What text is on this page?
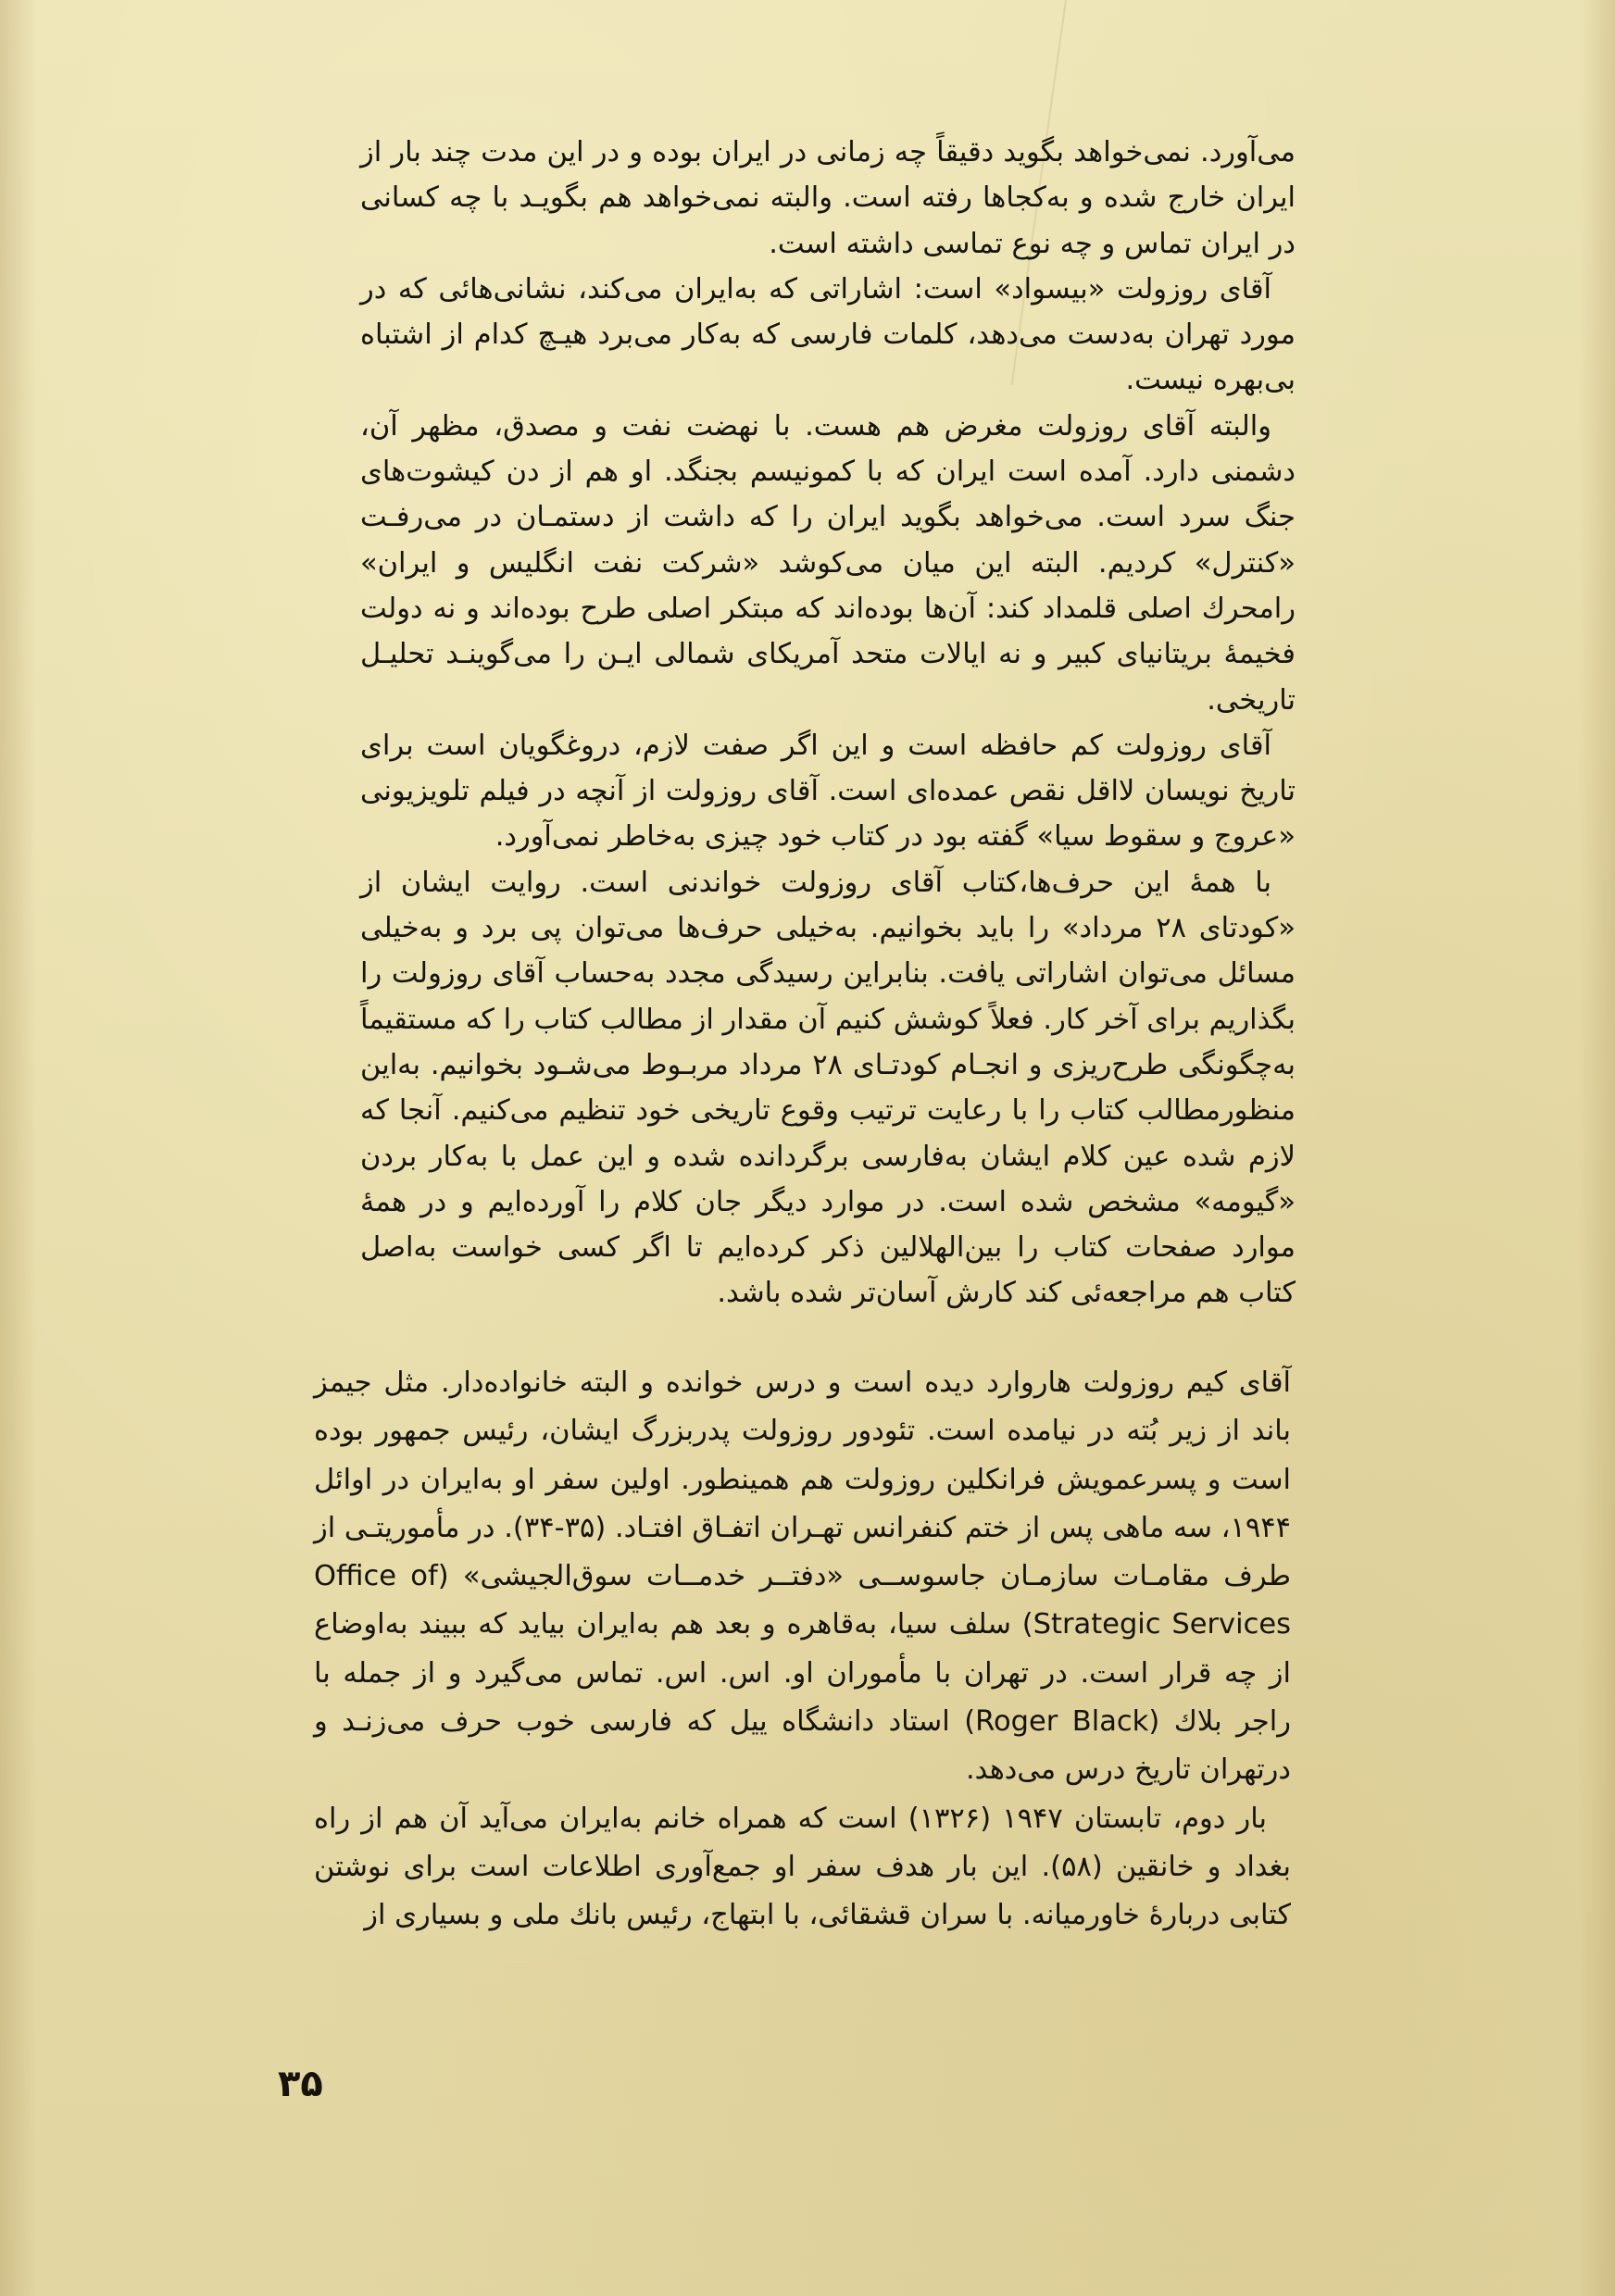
می‌آورد. نمی‌خواهد بگوید دقیقاً چه زمانی در ایران بوده و در این مدت چند بار از ایران خارج شده و به‌کجاها رفته است. والبته نمی‌خواهد هم بگویـد با چه کسانی در ایران تماس و چه نوع تماسی داشته است.

آقای روزولت «بیسواد» است: اشاراتی که به‌ایران می‌کند، نشانی‌هائی که در مورد تهران به‌دست می‌دهد، کلمات فارسی که به‌کار می‌برد هیـچ کدام از اشتباه بی‌بهره نیست.

والبته آقای روزولت مغرض هم هست. با نهضت نفت و مصدق، مظهر آن، دشمنی دارد. آمده است ایران که با کمونیسم بجنگد. او هم از دن کیشوت‌های جنگ سرد است. می‌خواهد بگوید ایران را که داشت از دستمـان در می‌رفـت «کنترل» کردیم. البته این میان می‌کوشد «شرکت نفت انگلیس و ایران» رامحرك اصلی قلمداد کند: آن‌ها بوده‌اند که مبتکر اصلی طرح بوده‌اند و نه دولت فخیمهٔ بریتانیای کبیر و نه ایالات متحد آمریکای شمالی ایـن را می‌گوینـد تحلیـل تاریخی.

آقای روزولت کم حافظه است و این اگر صفت لازم، دروغگویان است برای تاریخ نویسان لااقل نقص عمده‌ای است. آقای روزولت از آنچه در فیلم تلویزیونی «عروج و سقوط سیا» گفته بود در کتاب خود چیزی به‌خاطر نمی‌آورد.

با همهٔ این حرف‌ها،کتاب آقای روزولت خواندنی است. روایت ایشان از «کودتای ۲۸ مرداد» را باید بخوانیم. به‌خیلی حرف‌ها می‌توان پی برد و به‌خیلی مسائل می‌توان اشاراتی یافت. بنابراین رسیدگی مجدد به‌حساب آقای روزولت را بگذاریم برای آخر کار. فعلاً کوشش کنیم آن مقدار از مطالب کتاب را که مستقیماً به‌چگونگی طرح‌ریزی و انجـام کودتـای ۲۸ مرداد مربـوط می‌شـود بخوانیم. به‌این منظورمطالب کتاب را با رعایت ترتیب وقوع تاریخی خود تنظیم می‌کنیم. آنجا که لازم شده عین کلام ایشان به‌فارسی برگردانده شده و این عمل با به‌کار بردن «گیومه» مشخص شده است. در موارد دیگر جان کلام را آورده‌ایم و در همهٔ موارد صفحات کتاب را بین‌الهلالین ذکر کرده‌ایم تا اگر کسی خواست به‌اصل کتاب هم مراجعه‌ئی کند کارش آسان‌تر شده باشد.

آقای کیم روزولت هاروارد دیده است و درس خوانده و البته خانواده‌دار. مثل جیمز باند از زیر بُته در نیامده است. تئودور روزولت پدربزرگ ایشان، رئیس جمهور بوده است و پسرعمویش فرانکلین روزولت هم همینطور. اولین سفر او به‌ایران در اوائل ۱۹۴۴، سه ماهی پس از ختم کنفرانس تهـران اتفـاق افتـاد. (۳۵-۳۴). در مأموریتـی از طرف مقامـات سازمـان جاسوســی «دفتــر خدمــات سوق‌الجیشی» (Office of Strategic Services) سلف سیا، به‌قاهره و بعد هم به‌ایران بیاید که ببیند به‌اوضاع از چه قرار است. در تهران با مأموران او. اس. اس. تماس می‌گیرد و از جمله با راجر بلاك (Roger Black) استاد دانشگاه ییل که فارسی خوب حرف می‌زنـد و درتهران تاریخ درس می‌دهد.

بار دوم، تابستان ۱۹۴۷ (۱۳۲۶) است که همراه خانم به‌ایران می‌آید آن هم از راه بغداد و خانقین (۵۸). این بار هدف سفر او جمع‌آوری اطلاعات است برای نوشتن کتابی دربارهٔ خاورمیانه. با سران قشقائی، با ابتهاج، رئیس بانك ملی و بسیاری از

۳۵
